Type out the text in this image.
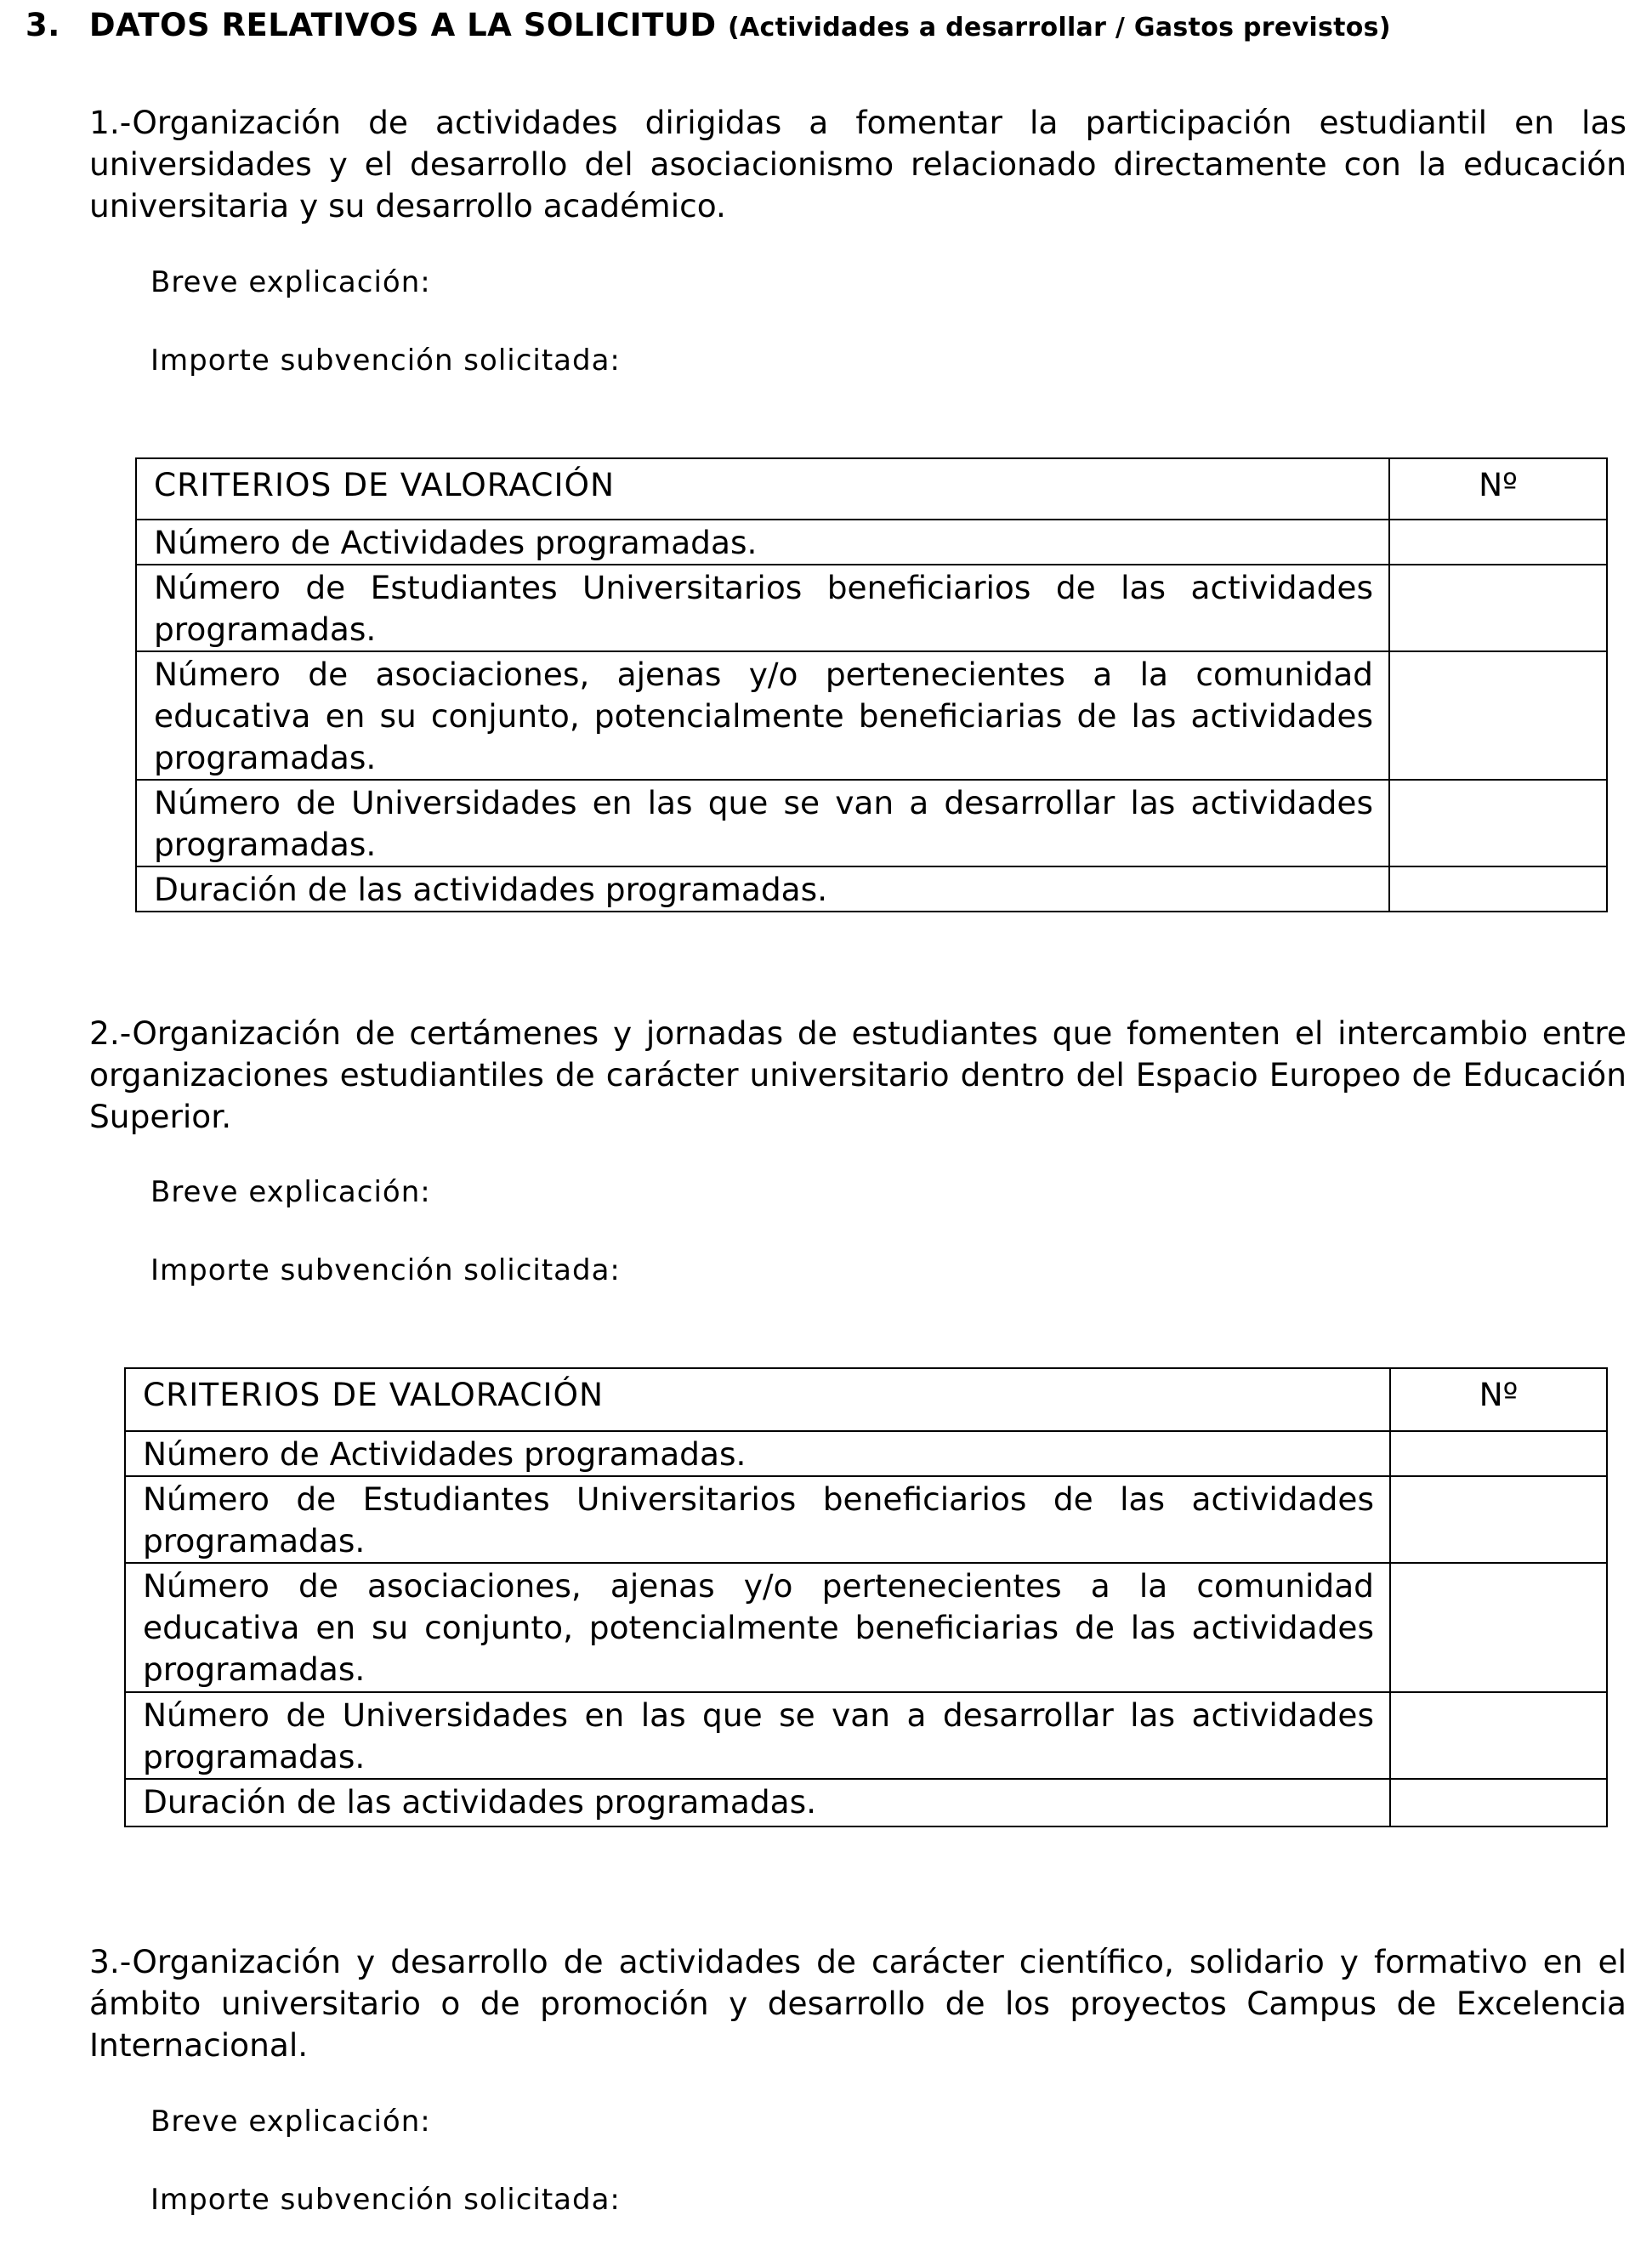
3. DATOS RELATIVOS A LA SOLICITUD (Actividades a desarrollar / Gastos previstos)
1.-Organización de actividades dirigidas a fomentar la participación estudiantil en las universidades y el desarrollo del asociacionismo relacionado directamente con la educación universitaria y su desarrollo académico.
Breve explicación:
Importe subvención solicitada:
CRITERIOS DE VALORACIÓN	Nº

Número de Actividades programadas.	

Número de Estudiantes Universitarios beneficiarios de las actividades programadas.	

Número de asociaciones, ajenas y/o pertenecientes a la comunidad educativa en su conjunto, potencialmente beneficiarias de las actividades programadas.	

Número de Universidades en las que se van a desarrollar las actividades programadas.	

Duración de las actividades programadas.	

2.-Organización de certámenes y jornadas de estudiantes que fomenten el intercambio entre organizaciones estudiantiles de carácter universitario dentro del Espacio Europeo de Educación Superior.
Breve explicación:
Importe subvención solicitada:
CRITERIOS DE VALORACIÓN	Nº

Número de Actividades programadas.	

Número de Estudiantes Universitarios beneficiarios de las actividades programadas.	

Número de asociaciones, ajenas y/o pertenecientes a la comunidad educativa en su conjunto, potencialmente beneficiarias de las actividades programadas.	

Número de Universidades en las que se van a desarrollar las actividades programadas.	

Duración de las actividades programadas.	

3.-Organización y desarrollo de actividades de carácter científico, solidario y formativo en el ámbito universitario o de promoción y desarrollo de los proyectos Campus de Excelencia Internacional.
Breve explicación:
Importe subvención solicitada:
